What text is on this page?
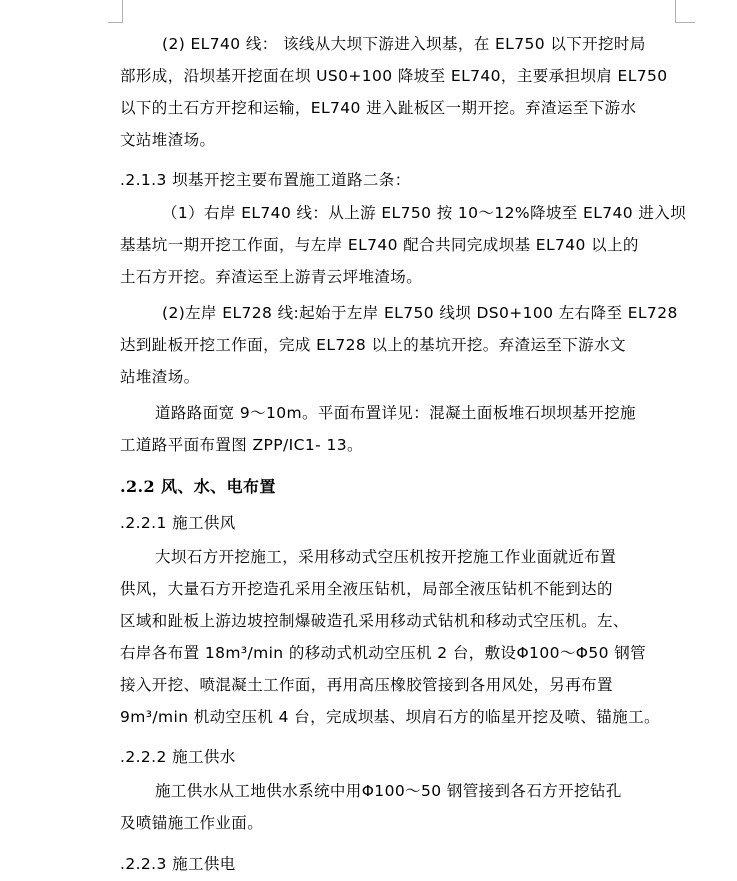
(2) EL740 线： 该线从大坝下游进入坝基，在 EL750 以下开挖时局
部形成，沿坝基开挖面在坝 US0+100 降坡至 EL740，主要承担坝肩 EL750
以下的土石方开挖和运输，EL740 进入趾板区一期开挖。弃渣运至下游水
文站堆渣场。
.2.1.3 坝基开挖主要布置施工道路二条：
（1）右岸 EL740 线：从上游 EL750 按 10～12%降坡至 EL740 进入坝
基基坑一期开挖工作面，与左岸 EL740 配合共同完成坝基 EL740 以上的
土石方开挖。弃渣运至上游青云坪堆渣场。
(2)左岸 EL728 线:起始于左岸 EL750 线坝 DS0+100 左右降至 EL728
达到趾板开挖工作面，完成 EL728 以上的基坑开挖。弃渣运至下游水文
站堆渣场。
道路路面宽 9～10m。平面布置详见：混凝土面板堆石坝坝基开挖施
工道路平面布置图 ZPP/IC1- 13。
.2.2 风、水、电布置
.2.2.1 施工供风
大坝石方开挖施工，采用移动式空压机按开挖施工作业面就近布置
供风，大量石方开挖造孔采用全液压钻机，局部全液压钻机不能到达的
区域和趾板上游边坡控制爆破造孔采用移动式钻机和移动式空压机。左、
右岸各布置 18m³/min 的移动式机动空压机 2 台，敷设Φ100～Φ50 钢管
接入开挖、喷混凝土工作面，再用高压橡胶管接到各用风处，另再布置
9m³/min 机动空压机 4 台，完成坝基、坝肩石方的临星开挖及喷、锚施工。
.2.2.2 施工供水
施工供水从工地供水系统中用Φ100～50 钢管接到各石方开挖钻孔
及喷锚施工作业面。
.2.2.3 施工供电
